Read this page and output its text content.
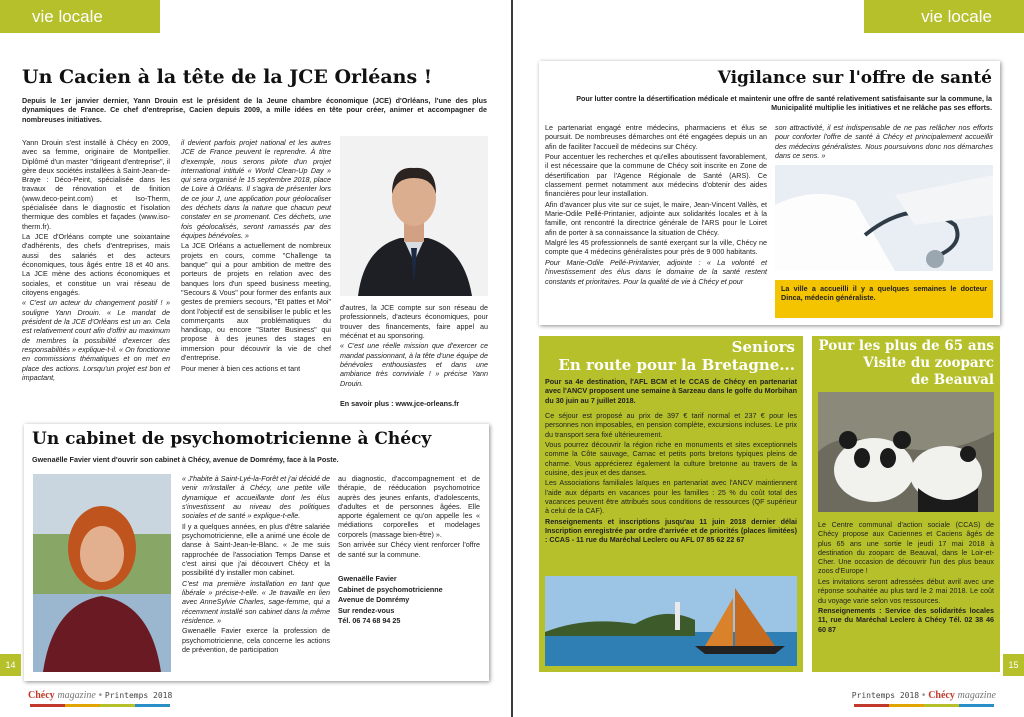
vie locale
Un Cacien à la tête de la JCE Orléans !
Depuis le 1er janvier dernier, Yann Drouin est le président de la Jeune chambre économique (JCE) d'Orléans, l'une des plus dynamiques de France. Ce chef d'entreprise, Cacien depuis 2009, a mille idées en tête pour créer, animer et accompagner de nombreuses initiatives.

Yann Drouin s'est installé à Chécy en 2009, avec sa femme, originaire de Montpellier. Diplômé d'un master "dirigeant d'entreprise", il gère deux sociétés installées à Saint-Jean-de-Braye : Déco-Peint, spécialisée dans les travaux de rénovation et de finition (www.deco-peint.com) et Iso-Therm, spécialisée dans le diagnostic et l'isolation thermique des combles et façades (www.iso-therm.fr).

La JCE d'Orléans compte une soixantaine d'adhérents, des chefs d'entreprises, mais aussi des salariés et des acteurs économiques, tous âgés entre 18 et 40 ans. La JCE mène des actions économiques et sociales, et constitue un vrai réseau de citoyens engagés.

« C'est un acteur du changement positif ! » souligne Yann Drouin. « Le mandat de président de la JCE d'Orléans est un an. Cela est relativement court afin d'offrir au maximum de membres la possibilité d'exercer des responsabilités » explique-t-il. « On fonctionne en commissions thématiques et on met en place des actions. Lorsqu'un projet est bon et impactant,

il devient parfois projet national et les autres JCE de France peuvent le reprendre. À titre d'exemple, nous serons pilote d'un projet international intitulé « World Clean-Up Day » qui sera organisé le 15 septembre 2018, place de Loire à Orléans. Il s'agira de présenter lors de ce jour J, une application pour géolocaliser des déchets dans la nature que chacun peut constater en se promenant. Ces déchets, une fois géolocalisés, seront ramassés par des équipes bénévoles. »

La JCE Orléans a actuellement de nombreux projets en cours, comme "Challenge ta banque" qui a pour ambition de mettre des porteurs de projets en relation avec des banques lors d'un speed business meeting, "Secours & Vous" pour former des enfants aux gestes de premiers secours, "Et pattes et Moi" dont l'objectif est de sensibiliser le public et les commerçants aux problématiques du handicap, ou encore "Starter Business" qui propose à des jeunes des stages en immersion pour découvrir la vie de chef d'entreprise.

Pour mener à bien ces actions et tant

d'autres, la JCE compte sur son réseau de professionnels, d'acteurs économiques, pour trouver des financements, faire appel au mécénat et au sponsoring.

« C'est une réelle mission que d'exercer ce mandat passionnant, à la tête d'une équipe de bénévoles enthousiastes et dans une ambiance très conviviale ! » précise Yann Drouin.

En savoir plus : www.jce-orleans.fr
Un cabinet de psychomotricienne à Chécy
Gwenaëlle Favier vient d'ouvrir son cabinet à Chécy, avenue de Domrémy, face à la Poste.

« J'habite à Saint-Lyé-la-Forêt et j'ai décidé de venir m'installer à Chécy, une petite ville dynamique et accueillante dont les élus s'investissent au niveau des politiques sociales et de santé » explique-t-elle.

Il y a quelques années, en plus d'être salariée psychomotricienne, elle a animé une école de danse à Saint-Jean-le-Blanc. « Je me suis rapprochée de l'association Temps Danse et c'est ainsi que j'ai découvert Chécy et la possibilité d'y installer mon cabinet.

C'est ma première installation en tant que libérale » précise-t-elle. « Je travaille en lien avec AnneSylvie Charles, sage-femme, qui a récemment installé son cabinet dans la même résidence. »

Gwenaëlle Favier exerce la profession de psychomotricienne, cela concerne les actions de prévention, de participation

au diagnostic, d'accompagnement et de thérapie, de rééducation psychomotrice auprès des jeunes enfants, d'adolescents, d'adultes et de personnes âgées. Elle apporte également ce qu'on appelle les « médiations corporelles et modelages corporels (massage bien-être) ».

Son arrivée sur Chécy vient renforcer l'offre de santé sur la commune.

Gwenaëlle Favier
Cabinet de psychomotricienne
Avenue de Domrémy
Sur rendez-vous
Tél. 06 74 68 94 25
14
Chécy magazine • Printemps 2018
vie locale
Vigilance sur l'offre de santé
Pour lutter contre la désertification médicale et maintenir une offre de santé relativement satisfaisante sur la commune, la Municipalité multiplie les initiatives et ne relâche pas ses efforts.

Le partenariat engagé entre médecins, pharmaciens et élus se poursuit. De nombreuses démarches ont été engagées depuis un an afin de faciliter l'accueil de médecins sur Chécy.

Pour accentuer les recherches et qu'elles aboutissent favorablement, il est nécessaire que la commune de Chécy soit inscrite en Zone de désertification par l'Agence Régionale de Santé (ARS). Ce classement permet notamment aux médecins d'obtenir des aides financières pour leur installation.

Afin d'avancer plus vite sur ce sujet, le maire, Jean-Vincent Vallès, et Marie-Odile Pellé-Printanier, adjointe aux solidarités locales et à la famille, ont rencontré la directrice générale de l'ARS pour le Loiret afin de porter à sa connaissance la situation de Chécy.

Malgré les 45 professionnels de santé exerçant sur la ville, Chécy ne compte que 4 médecins généralistes pour près de 9 000 habitants.

Pour Marie-Odile Pellé-Printanier, adjointe : « La volonté et l'investissement des élus dans le domaine de la santé restent constants et prioritaires. Pour la qualité de vie à Chécy et pour

son attractivité, il est indispensable de ne pas relâcher nos efforts pour conforter l'offre de santé à Chécy et principalement accueillir des médecins généralistes. Nous poursuivons donc nos démarches dans ce sens. »
La ville a accueilli il y a quelques semaines le docteur Dinca, médecin généraliste.
Seniors
En route pour la Bretagne...
Pour sa 4e destination, l'AFL BCM et le CCAS de Chécy en partenariat avec l'ANCV proposent une semaine à Sarzeau dans le golfe du Morbihan du 30 juin au 7 juillet 2018.

Ce séjour est proposé au prix de 397 € tarif normal et 237 € pour les personnes non imposables, en pension complète, excursions incluses. Le prix du transport sera fixé ultérieurement.

Vous pourrez découvrir la région riche en monuments et sites exceptionnels comme la Côte sauvage, Carnac et petits ports bretons typiques pleins de charme. Vous apprécierez également la culture bretonne au travers de la cuisine, des jeux et des danses.

Les Associations familiales laïques en partenariat avec l'ANCV maintiennent l'aide aux départs en vacances pour les familles : 25 % du coût total des vacances peuvent être attribués sous conditions de ressources (QF supérieur à celui de la CAF).

Renseignements et inscriptions jusqu'au 11 juin 2018 dernier délai Inscription enregistrée par ordre d'arrivée et de priorités (places limitées) : CCAS - 11 rue du Maréchal Leclerc ou AFL 07 85 62 22 67

Pour les plus de 65 ans
Visite du zooparc
de Beauval

Le Centre communal d'action sociale (CCAS) de Chécy propose aux Caciennes et Caciens âgés de plus 65 ans une sortie le jeudi 17 mai 2018 à destination du zooparc de Beauval, dans le Loir-et-Cher. Une occasion de découvrir l'un des plus beaux zoos d'Europe !

Les invitations seront adressées début avril avec une réponse souhaitée au plus tard le 2 mai 2018. Le coût du voyage varie selon vos ressources.

Renseignements : Service des solidarités locales 11, rue du Maréchal Leclerc à Chécy Tél. 02 38 46 60 87

15
Printemps 2018 • Chécy magazine
